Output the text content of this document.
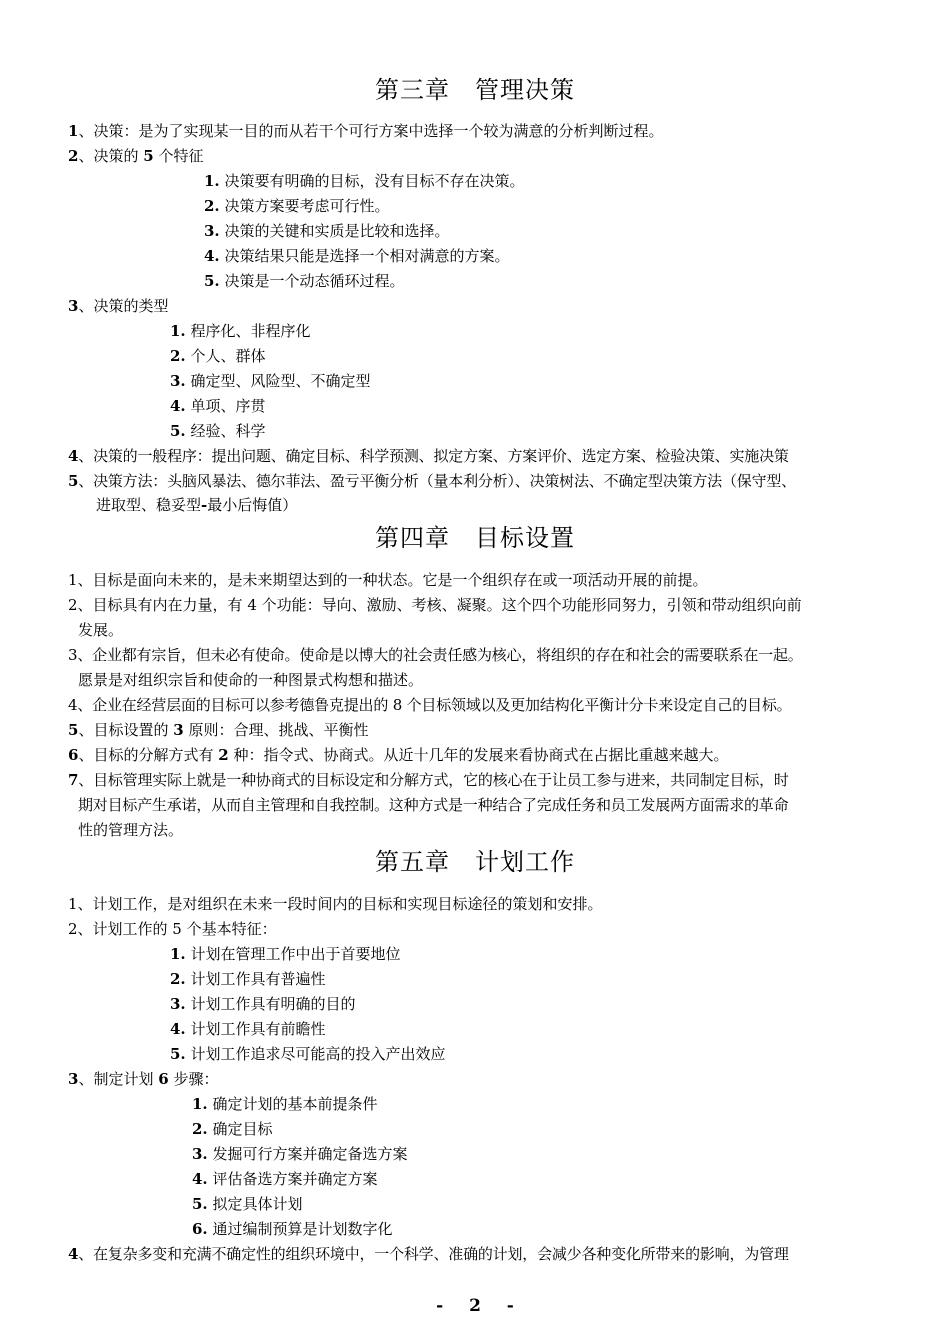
第三章　管理决策
1、决策：是为了实现某一目的而从若干个可行方案中选择一个较为满意的分析判断过程。
2、决策的 5 个特征
1. 决策要有明确的目标，没有目标不存在决策。
2. 决策方案要考虑可行性。
3. 决策的关键和实质是比较和选择。
4. 决策结果只能是选择一个相对满意的方案。
5. 决策是一个动态循环过程。
3、决策的类型
1. 程序化、非程序化
2. 个人、群体
3. 确定型、风险型、不确定型
4. 单项、序贯
5. 经验、科学
4、决策的一般程序：提出问题、确定目标、科学预测、拟定方案、方案评价、选定方案、检验决策、实施决策
5、决策方法：头脑风暴法、德尔菲法、盈亏平衡分析（量本利分析）、决策树法、不确定型决策方法（保守型、
进取型、稳妥型-最小后悔值）
第四章　目标设置
1、目标是面向未来的，是未来期望达到的一种状态。它是一个组织存在或一项活动开展的前提。
2、目标具有内在力量，有 4 个功能：导向、激励、考核、凝聚。这个四个功能形同努力，引领和带动组织向前
发展。
3、企业都有宗旨，但未必有使命。使命是以博大的社会责任感为核心，将组织的存在和社会的需要联系在一起。
愿景是对组织宗旨和使命的一种图景式构想和描述。
4、企业在经营层面的目标可以参考德鲁克提出的 8 个目标领域以及更加结构化平衡计分卡来设定自己的目标。
5、目标设置的 3 原则：合理、挑战、平衡性
6、目标的分解方式有 2 种：指令式、协商式。从近十几年的发展来看协商式在占据比重越来越大。
7、目标管理实际上就是一种协商式的目标设定和分解方式，它的核心在于让员工参与进来，共同制定目标，时
期对目标产生承诺，从而自主管理和自我控制。这种方式是一种结合了完成任务和员工发展两方面需求的革命
性的管理方法。
第五章　计划工作
1、计划工作，是对组织在未来一段时间内的目标和实现目标途径的策划和安排。
2、计划工作的 5 个基本特征：
1. 计划在管理工作中出于首要地位
2. 计划工作具有普遍性
3. 计划工作具有明确的目的
4. 计划工作具有前瞻性
5. 计划工作追求尽可能高的投入产出效应
3、制定计划 6 步骤：
1. 确定计划的基本前提条件
2. 确定目标
3. 发掘可行方案并确定备选方案
4. 评估备选方案并确定方案
5. 拟定具体计划
6. 通过编制预算是计划数字化
4、在复杂多变和充满不确定性的组织环境中，一个科学、准确的计划，会减少各种变化所带来的影响，为管理
- 2 -
